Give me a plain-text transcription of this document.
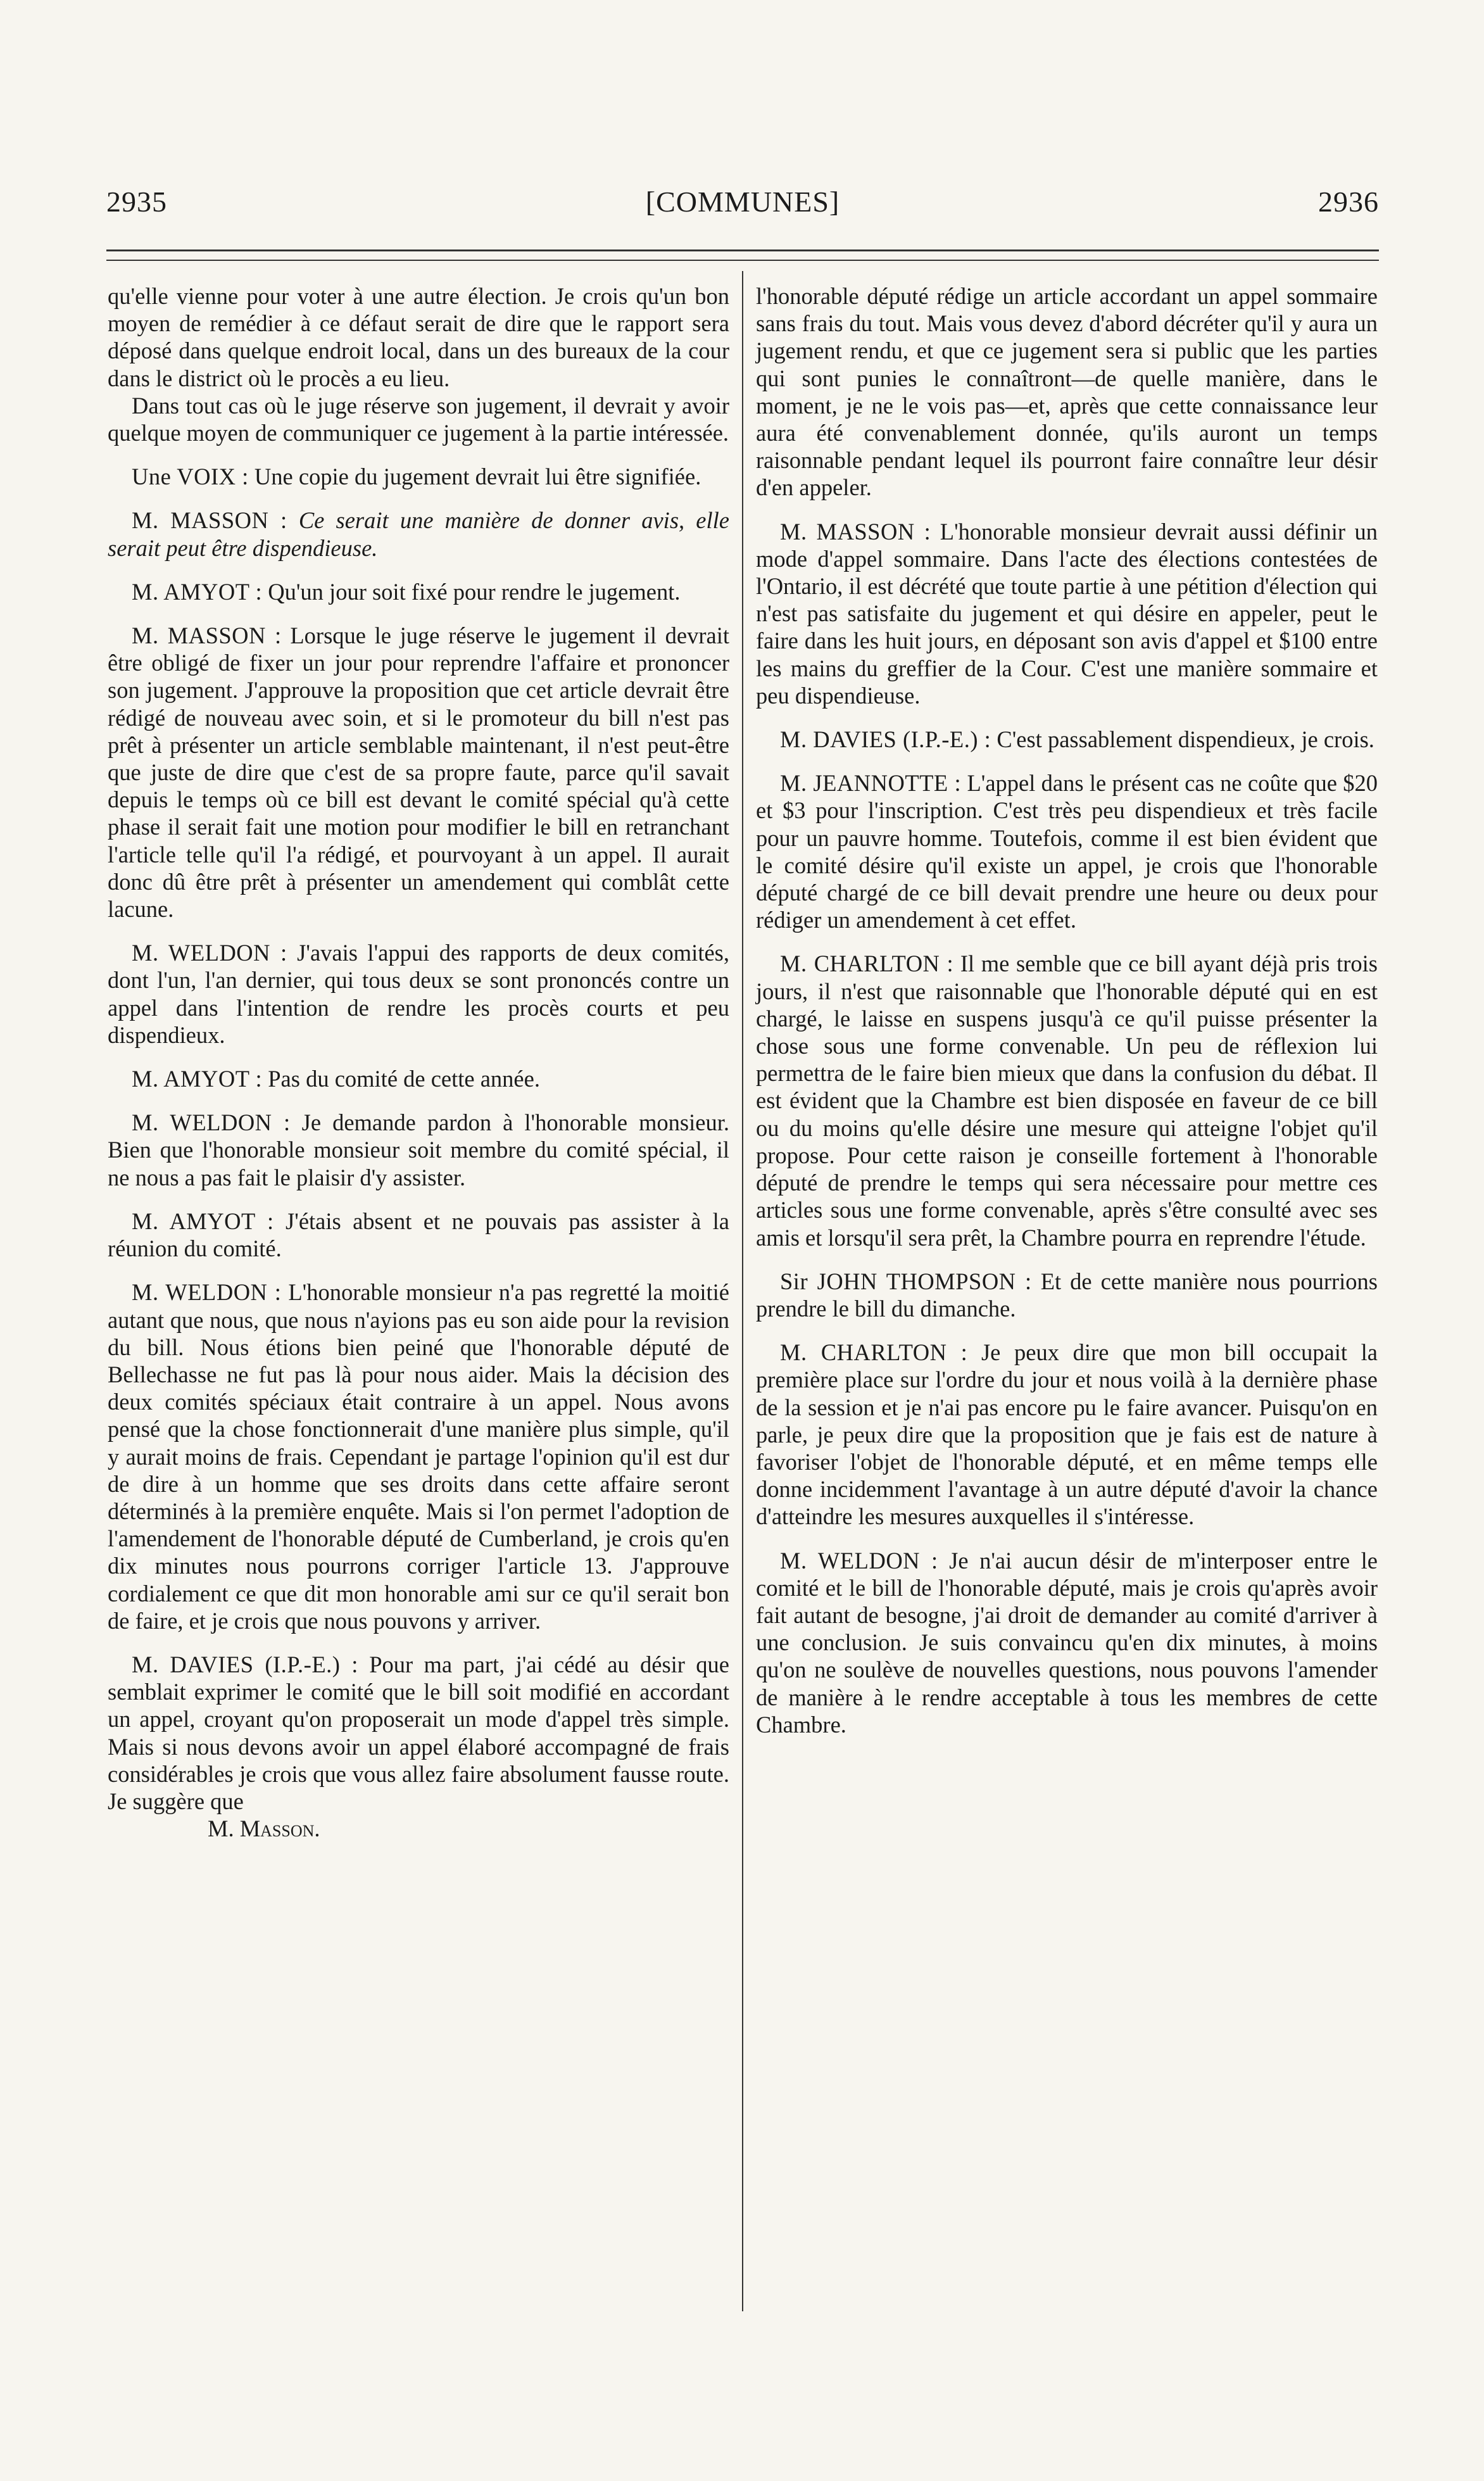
2935	[COMMUNES]	2936

qu'elle vienne pour voter à une autre élection. Je crois qu'un bon moyen de remédier à ce défaut serait de dire que le rapport sera déposé dans quelque endroit local, dans un des bureaux de la cour dans le district où le procès a eu lieu.

Dans tout cas où le juge réserve son jugement, il devrait y avoir quelque moyen de communiquer ce jugement à la partie intéressée.

Une VOIX : Une copie du jugement devrait lui être signifiée.

M. MASSON : Ce serait une manière de donner avis, elle serait peut être dispendieuse.

M. AMYOT : Qu'un jour soit fixé pour rendre le jugement.

M. MASSON : Lorsque le juge réserve le jugement il devrait être obligé de fixer un jour pour reprendre l'affaire et prononcer son jugement. J'approuve la proposition que cet article devrait être rédigé de nouveau avec soin, et si le promoteur du bill n'est pas prêt à présenter un article semblable maintenant, il n'est peut-être que juste de dire que c'est de sa propre faute, parce qu'il savait depuis le temps où ce bill est devant le comité spécial qu'à cette phase il serait fait une motion pour modifier le bill en retranchant l'article telle qu'il l'a rédigé, et pourvoyant à un appel. Il aurait donc dû être prêt à présenter un amendement qui comblât cette lacune.

M. WELDON : J'avais l'appui des rapports de deux comités, dont l'un, l'an dernier, qui tous deux se sont prononcés contre un appel dans l'intention de rendre les procès courts et peu dispendieux.

M. AMYOT : Pas du comité de cette année.

M. WELDON : Je demande pardon à l'honorable monsieur. Bien que l'honorable monsieur soit membre du comité spécial, il ne nous a pas fait le plaisir d'y assister.

M. AMYOT : J'étais absent et ne pouvais pas assister à la réunion du comité.

M. WELDON : L'honorable monsieur n'a pas regretté la moitié autant que nous, que nous n'ayions pas eu son aide pour la revision du bill. Nous étions bien peiné que l'honorable député de Bellechasse ne fut pas là pour nous aider. Mais la décision des deux comités spéciaux était contraire à un appel. Nous avons pensé que la chose fonctionnerait d'une manière plus simple, qu'il y aurait moins de frais. Cependant je partage l'opinion qu'il est dur de dire à un homme que ses droits dans cette affaire seront déterminés à la première enquête. Mais si l'on permet l'adoption de l'amendement de l'honorable député de Cumberland, je crois qu'en dix minutes nous pourrons corriger l'article 13. J'approuve cordialement ce que dit mon honorable ami sur ce qu'il serait bon de faire, et je crois que nous pouvons y arriver.

M. DAVIES (I.P.-E.) : Pour ma part, j'ai cédé au désir que semblait exprimer le comité que le bill soit modifié en accordant un appel, croyant qu'on proposerait un mode d'appel très simple. Mais si nous devons avoir un appel élaboré accompagné de frais considérables je crois que vous allez faire absolument fausse route. Je suggère que

M. Masson.

l'honorable député rédige un article accordant un appel sommaire sans frais du tout. Mais vous devez d'abord décréter qu'il y aura un jugement rendu, et que ce jugement sera si public que les parties qui sont punies le connaîtront—de quelle manière, dans le moment, je ne le vois pas—et, après que cette connaissance leur aura été convenablement donnée, qu'ils auront un temps raisonnable pendant lequel ils pourront faire connaître leur désir d'en appeler.

M. MASSON : L'honorable monsieur devrait aussi définir un mode d'appel sommaire. Dans l'acte des élections contestées de l'Ontario, il est décrété que toute partie à une pétition d'élection qui n'est pas satisfaite du jugement et qui désire en appeler, peut le faire dans les huit jours, en déposant son avis d'appel et $100 entre les mains du greffier de la Cour. C'est une manière sommaire et peu dispendieuse.

M. DAVIES (I.P.-E.) : C'est passablement dispendieux, je crois.

M. JEANNOTTE : L'appel dans le présent cas ne coûte que $20 et $3 pour l'inscription. C'est très peu dispendieux et très facile pour un pauvre homme. Toutefois, comme il est bien évident que le comité désire qu'il existe un appel, je crois que l'honorable député chargé de ce bill devait prendre une heure ou deux pour rédiger un amendement à cet effet.

M. CHARLTON : Il me semble que ce bill ayant déjà pris trois jours, il n'est que raisonnable que l'honorable député qui en est chargé, le laisse en suspens jusqu'à ce qu'il puisse présenter la chose sous une forme convenable. Un peu de réflexion lui permettra de le faire bien mieux que dans la confusion du débat. Il est évident que la Chambre est bien disposée en faveur de ce bill ou du moins qu'elle désire une mesure qui atteigne l'objet qu'il propose. Pour cette raison je conseille fortement à l'honorable député de prendre le temps qui sera nécessaire pour mettre ces articles sous une forme convenable, après s'être consulté avec ses amis et lorsqu'il sera prêt, la Chambre pourra en reprendre l'étude.

Sir JOHN THOMPSON : Et de cette manière nous pourrions prendre le bill du dimanche.

M. CHARLTON : Je peux dire que mon bill occupait la première place sur l'ordre du jour et nous voilà à la dernière phase de la session et je n'ai pas encore pu le faire avancer. Puisqu'on en parle, je peux dire que la proposition que je fais est de nature à favoriser l'objet de l'honorable député, et en même temps elle donne incidemment l'avantage à un autre député d'avoir la chance d'atteindre les mesures auxquelles il s'intéresse.

M. WELDON : Je n'ai aucun désir de m'interposer entre le comité et le bill de l'honorable député, mais je crois qu'après avoir fait autant de besogne, j'ai droit de demander au comité d'arriver à une conclusion. Je suis convaincu qu'en dix minutes, à moins qu'on ne soulève de nouvelles questions, nous pouvons l'amender de manière à le rendre acceptable à tous les membres de cette Chambre.
